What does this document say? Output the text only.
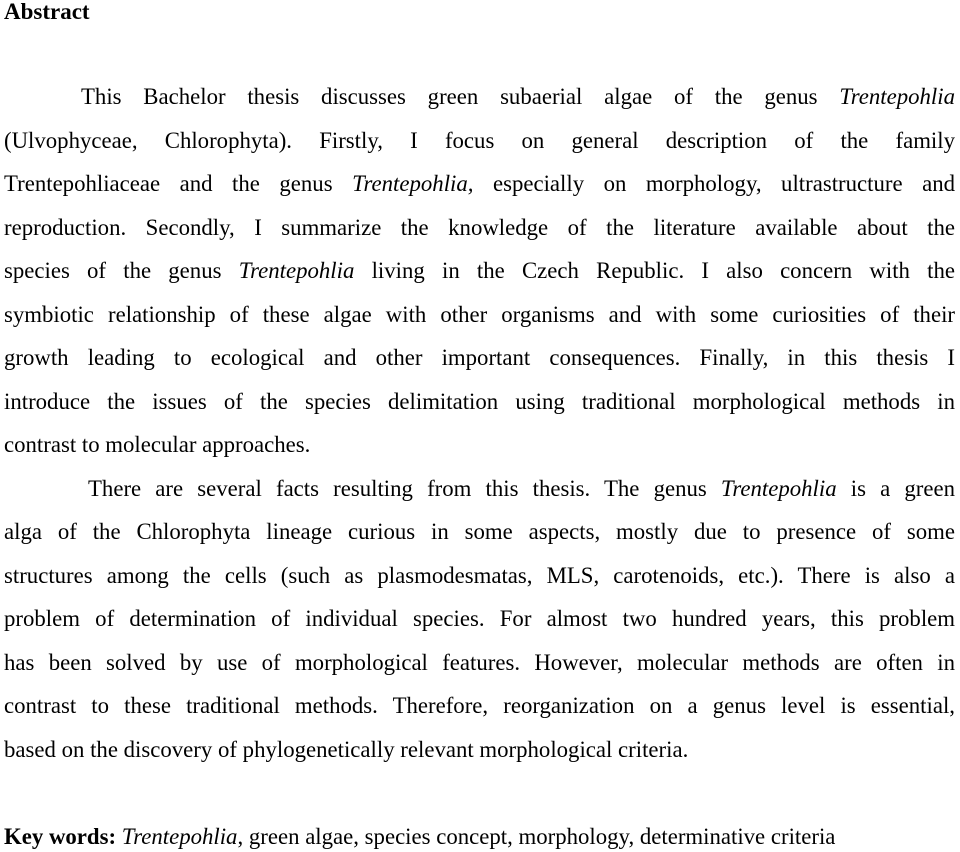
Abstract
This Bachelor thesis discusses green subaerial algae of the genus Trentepohlia
(Ulvophyceae, Chlorophyta). Firstly, I focus on general description of the family
Trentepohliaceae and the genus Trentepohlia, especially on morphology, ultrastructure and
reproduction. Secondly, I summarize the knowledge of the literature available about the
species of the genus Trentepohlia living in the Czech Republic. I also concern with the
symbiotic relationship of these algae with other organisms and with some curiosities of their
growth leading to ecological and other important consequences. Finally, in this thesis I
introduce the issues of the species delimitation using traditional morphological methods in
contrast to molecular approaches.
There are several facts resulting from this thesis. The genus Trentepohlia is a green
alga of the Chlorophyta lineage curious in some aspects, mostly due to presence of some
structures among the cells (such as plasmodesmatas, MLS, carotenoids, etc.). There is also a
problem of determination of individual species. For almost two hundred years, this problem
has been solved by use of morphological features. However, molecular methods are often in
contrast to these traditional methods. Therefore, reorganization on a genus level is essential,
based on the discovery of phylogenetically relevant morphological criteria.
Key words: Trentepohlia, green algae, species concept, morphology, determinative criteria
